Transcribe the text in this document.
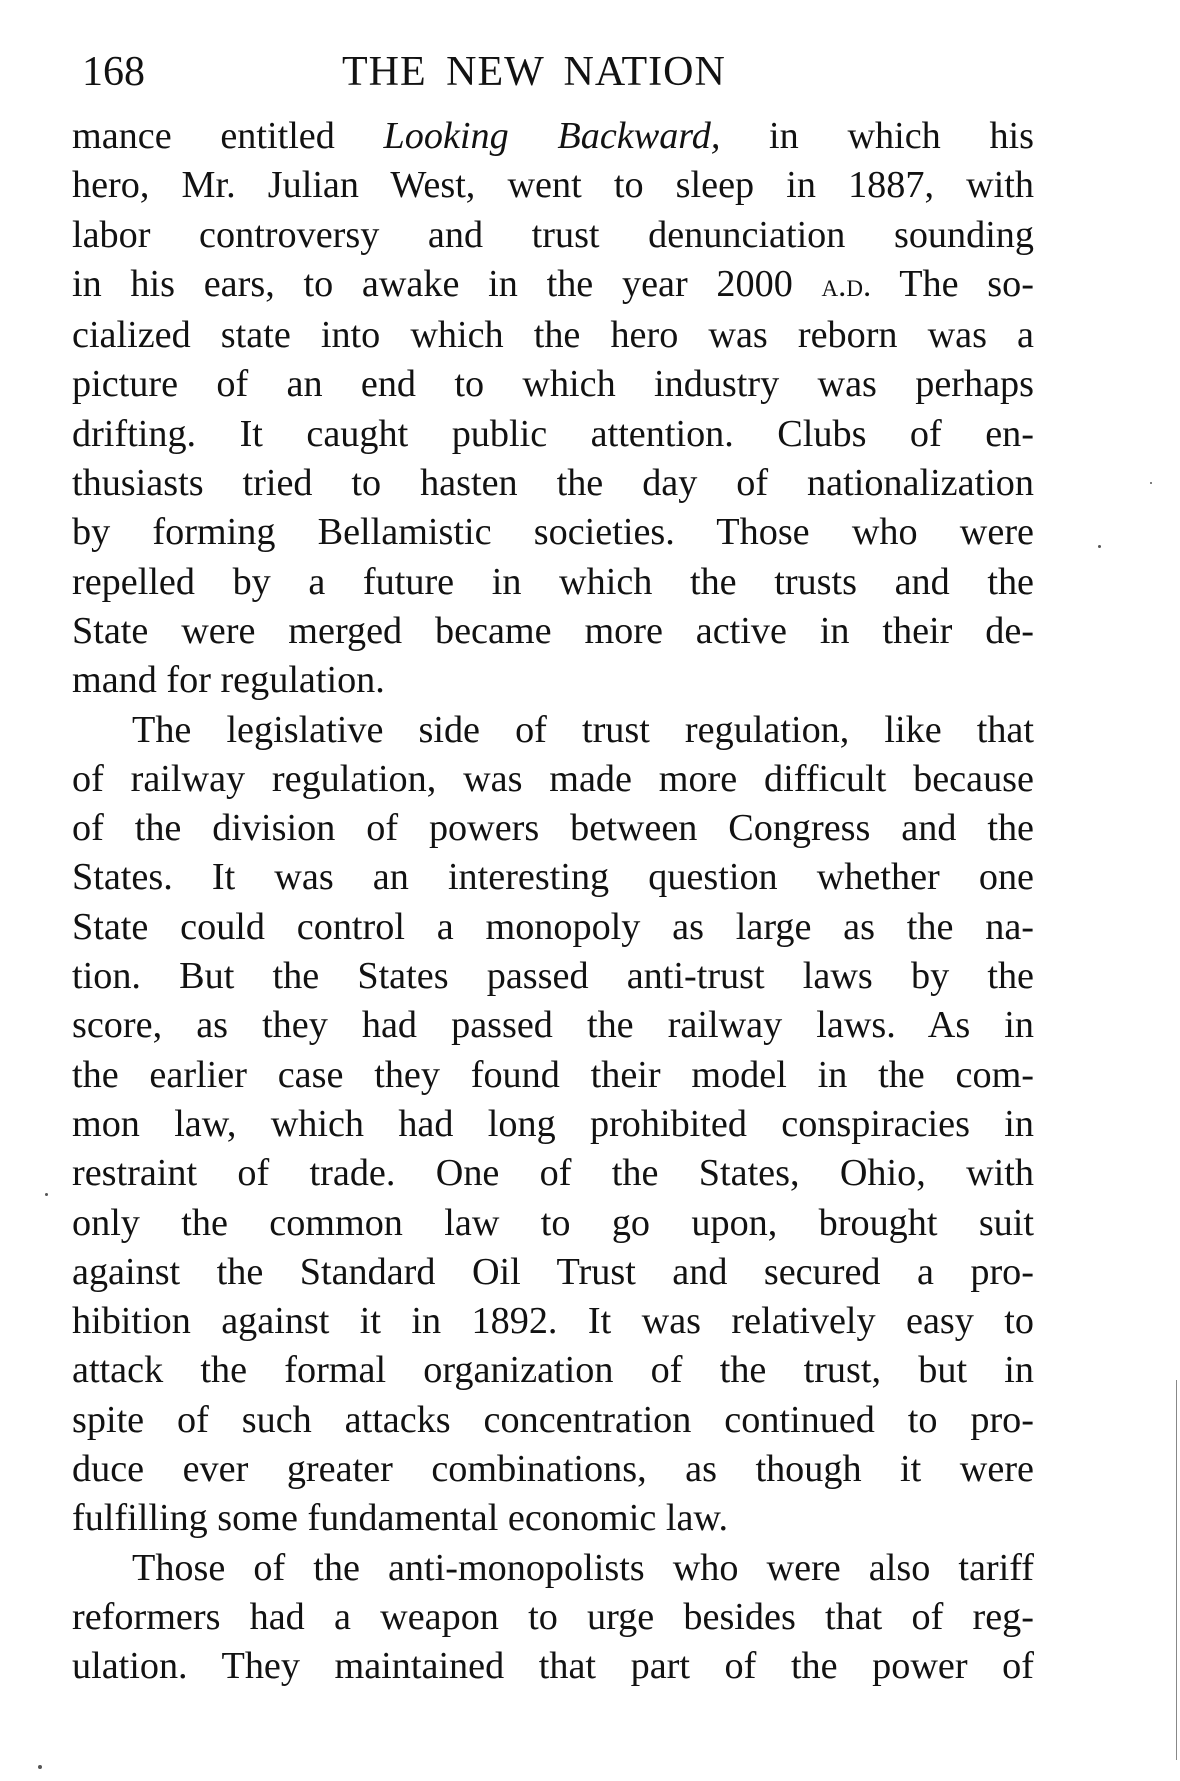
168	THE NEW NATION
mance entitled Looking Backward, in which his
hero, Mr. Julian West, went to sleep in 1887, with
labor controversy and trust denunciation sounding
in his ears, to awake in the year 2000 a.d. The so-
cialized state into which the hero was reborn was a
picture of an end to which industry was perhaps
drifting. It caught public attention. Clubs of en-
thusiasts tried to hasten the day of nationalization
by forming Bellamistic societies. Those who were
repelled by a future in which the trusts and the
State were merged became more active in their de-
mand for regulation.
The legislative side of trust regulation, like that
of railway regulation, was made more difficult because
of the division of powers between Congress and the
States. It was an interesting question whether one
State could control a monopoly as large as the na-
tion. But the States passed anti-trust laws by the
score, as they had passed the railway laws. As in
the earlier case they found their model in the com-
mon law, which had long prohibited conspiracies in
restraint of trade. One of the States, Ohio, with
only the common law to go upon, brought suit
against the Standard Oil Trust and secured a pro-
hibition against it in 1892. It was relatively easy to
attack the formal organization of the trust, but in
spite of such attacks concentration continued to pro-
duce ever greater combinations, as though it were
fulfilling some fundamental economic law.
Those of the anti-monopolists who were also tariff
reformers had a weapon to urge besides that of reg-
ulation. They maintained that part of the power of
